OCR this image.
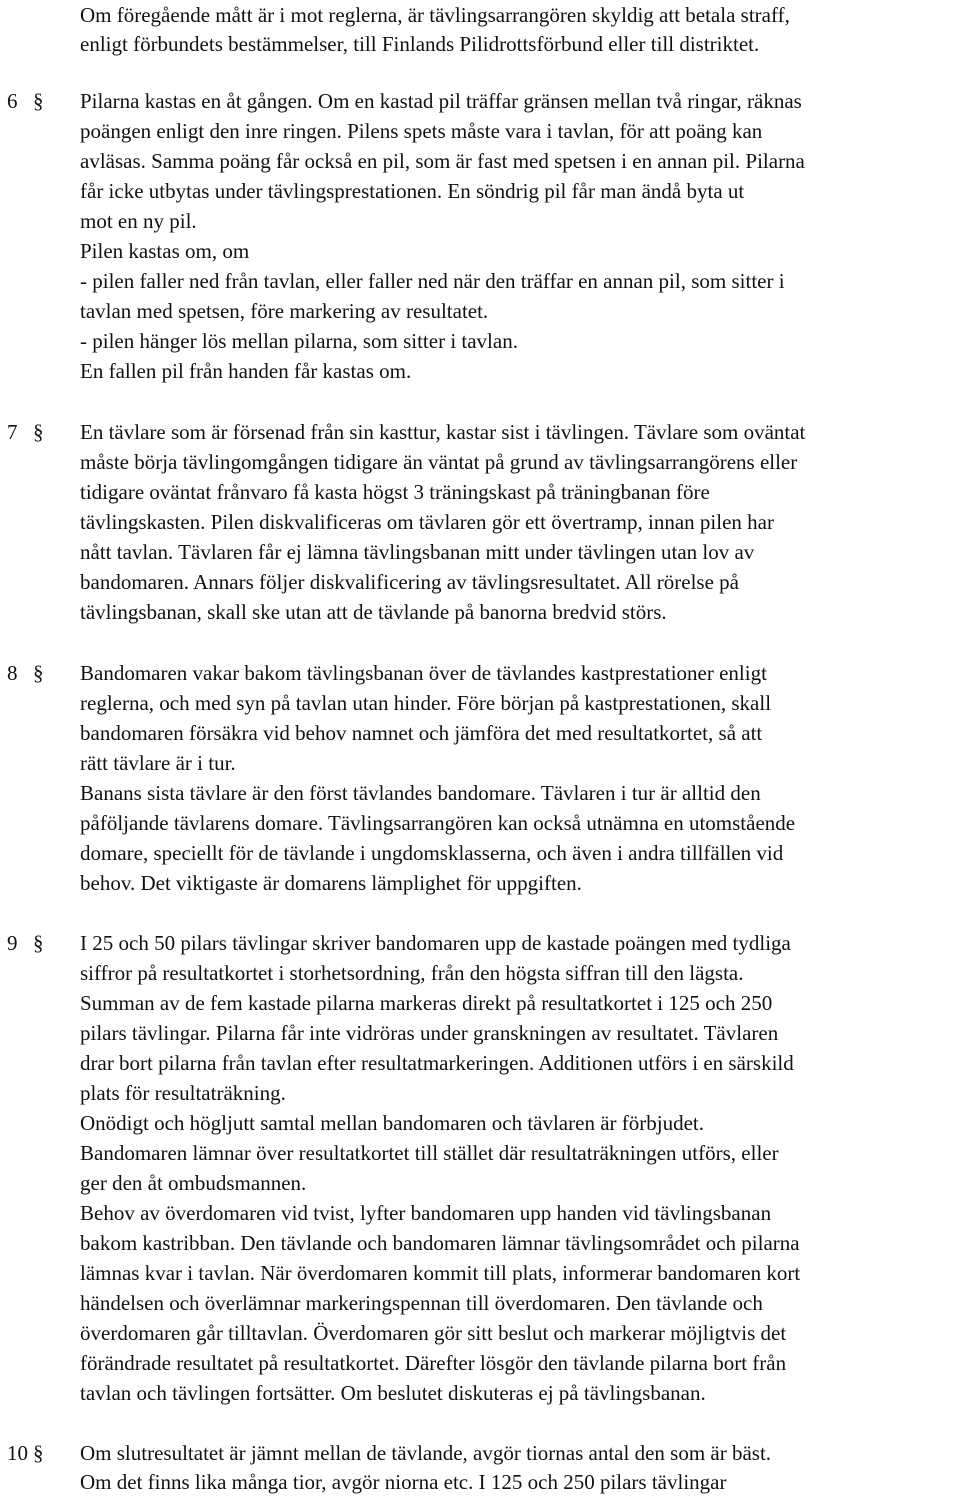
Om föregående mått är i mot reglerna, är tävlingsarrangören skyldig att betala straff,
enligt förbundets bestämmelser, till Finlands Pilidrottsförbund eller till distriktet.
6 § Pilarna kastas en åt gången. Om en kastad pil träffar gränsen mellan två ringar, räknas
poängen enligt den inre ringen. Pilens spets måste vara i tavlan, för att poäng kan
avläsas. Samma poäng får också en pil, som är fast med spetsen i en annan pil. Pilarna
får icke utbytas under tävlingsprestationen. En söndrig pil får man ändå byta ut
mot en ny pil.
Pilen kastas om, om
- pilen faller ned från tavlan, eller faller ned när den träffar en annan pil, som sitter i
tavlan med spetsen, före markering av resultatet.
- pilen hänger lös mellan pilarna, som sitter i tavlan.
En fallen pil från handen får kastas om.
7 § En tävlare som är försenad från sin kasttur, kastar sist i tävlingen. Tävlare som oväntat
måste börja tävlingomgången tidigare än väntat på grund av tävlingsarrangörens eller
tidigare oväntat frånvaro få kasta högst 3 träningskast på träningbanan före
tävlingskasten. Pilen diskvalificeras om tävlaren gör ett övertramp, innan pilen har
nått tavlan. Tävlaren får ej lämna tävlingsbanan mitt under tävlingen utan lov av
bandomaren. Annars följer diskvalificering av tävlingsresultatet. All rörelse på
tävlingsbanan, skall ske utan att de tävlande på banorna bredvid störs.
8 § Bandomaren vakar bakom tävlingsbanan över de tävlandes kastprestationer enligt
reglerna, och med syn på tavlan utan hinder. Före början på kastprestationen, skall
bandomaren försäkra vid behov namnet och jämföra det med resultatkortet, så att
rätt tävlare är i tur.
Banans sista tävlare är den först tävlandes bandomare. Tävlaren i tur är alltid den
påföljande tävlarens domare. Tävlingsarrangören kan också utnämna en utomstående
domare, speciellt för de tävlande i ungdomsklasserna, och även i andra tillfällen vid
behov. Det viktigaste är domarens lämplighet för uppgiften.
9 § I 25 och 50 pilars tävlingar skriver bandomaren upp de kastade poängen med tydliga
siffror på resultatkortet i storhetsordning, från den högsta siffran till den lägsta.
Summan av de fem kastade pilarna markeras direkt på resultatkortet i 125 och 250
pilars tävlingar. Pilarna får inte vidröras under granskningen av resultatet. Tävlaren
drar bort pilarna från tavlan efter resultatmarkeringen. Additionen utförs i en särskild
plats för resultaträkning.
Onödigt och högljutt samtal mellan bandomaren och tävlaren är förbjudet.
Bandomaren lämnar över resultatkortet till stället där resultaträkningen utförs, eller
ger den åt ombudsmannen.
Behov av överdomaren vid tvist, lyfter bandomaren upp handen vid tävlingsbanan
bakom kastribban. Den tävlande och bandomaren lämnar tävlingsområdet och pilarna
lämnas kvar i tavlan. När överdomaren kommit till plats, informerar bandomaren kort
händelsen och överlämnar markeringspennan till överdomaren. Den tävlande och
överdomaren går tilltavlan. Överdomaren gör sitt beslut och markerar möjligtvis det
förändrade resultatet på resultatkortet. Därefter lösgör den tävlande pilarna bort från
tavlan och tävlingen fortsätter. Om beslutet diskuteras ej på tävlingsbanan.
10 § Om slutresultatet är jämnt mellan de tävlande, avgör tiornas antal den som är bäst.
Om det finns lika många tior, avgör niorna etc. I 125 och 250 pilars tävlingar
